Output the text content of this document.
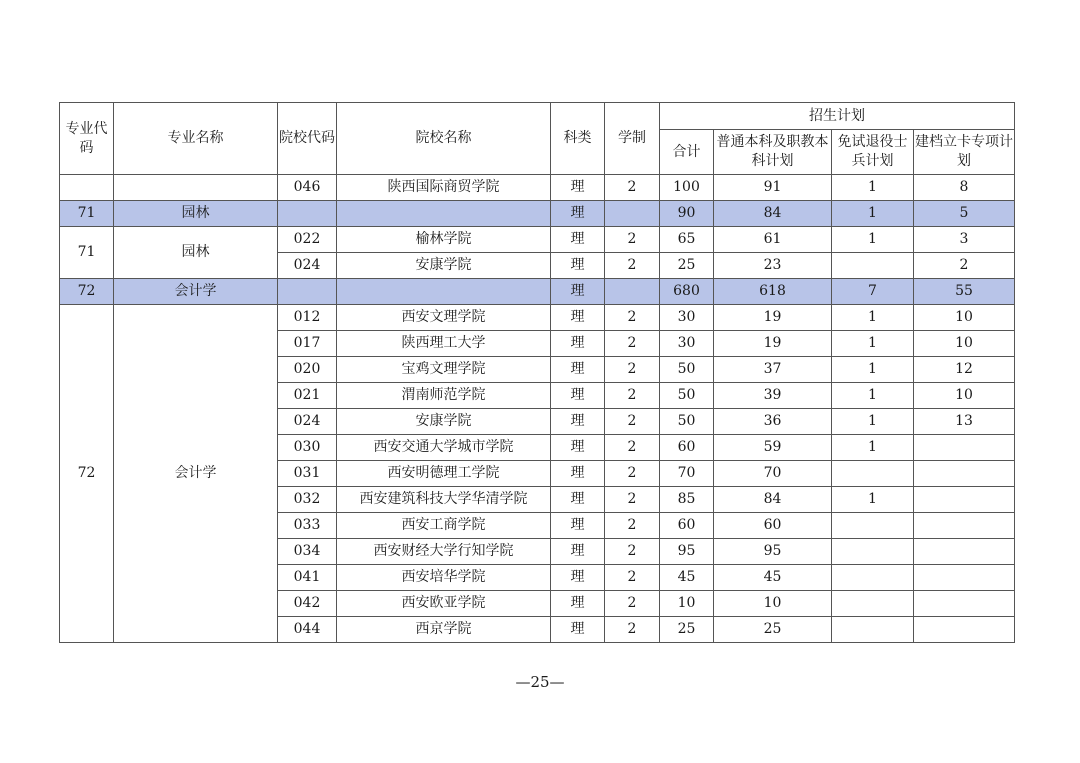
专业代码	专业名称	院校代码	院校名称	科类	学制	招生计划			
						合计	普通本科及职教本科计划	免试退役士兵计划	建档立卡专项计划
		046	陕西国际商贸学院	理	2	100	91	1	8
71	园林			理		90	84	1	5
71	园林	022	榆林学院	理	2	65	61	1	3
		024	安康学院	理	2	25	23		2
72	会计学			理		680	618	7	55
72	会计学	012	西安文理学院	理	2	30	19	1	10
		017	陕西理工大学	理	2	30	19	1	10
		020	宝鸡文理学院	理	2	50	37	1	12
		021	渭南师范学院	理	2	50	39	1	10
		024	安康学院	理	2	50	36	1	13
		030	西安交通大学城市学院	理	2	60	59	1	
		031	西安明德理工学院	理	2	70	70		
		032	西安建筑科技大学华清学院	理	2	85	84	1	
		033	西安工商学院	理	2	60	60		
		034	西安财经大学行知学院	理	2	95	95		
		041	西安培华学院	理	2	45	45		
		042	西安欧亚学院	理	2	10	10		
		044	西京学院	理	2	25	25		
—25—
